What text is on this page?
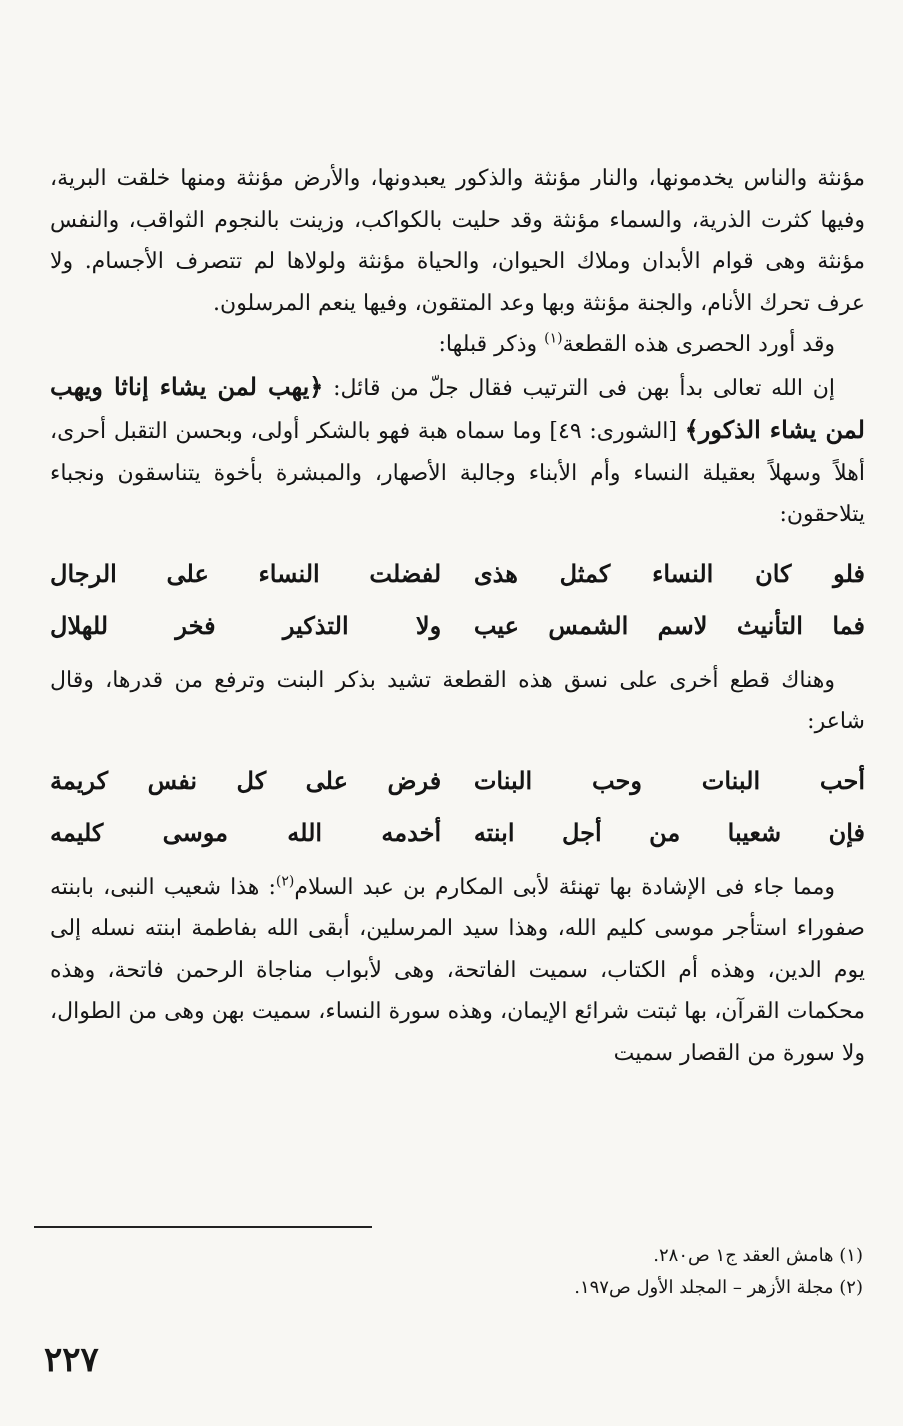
مؤنثة والناس يخدمونها، والنار مؤنثة والذكور يعبدونها، والأرض مؤنثة ومنها خلقت البرية، وفيها كثرت الذرية، والسماء مؤنثة وقد حليت بالكواكب، وزينت بالنجوم الثواقب، والنفس مؤنثة وهى قوام الأبدان وملاك الحيوان، والحياة مؤنثة ولولاها لم تتصرف الأجسام. ولا عرف تحرك الأنام، والجنة مؤنثة وبها وعد المتقون، وفيها ينعم المرسلون.

وقد أورد الحصرى هذه القطعة$^{(١)}$ وذكر قبلها:

إن الله تعالى بدأ بهن فى الترتيب فقال جلّ من قائل: ﴿يهب لمن يشاء إناثا ويهب لمن يشاء الذكور﴾ [الشورى: ٤٩] وما سماه هبة فهو بالشكر أولى، وبحسن التقبل أحرى، أهلاً وسهلاً بعقيلة النساء وأم الأبناء وجالبة الأصهار، والمبشرة بأخوة يتناسقون ونجباء يتلاحقون:

فلو كان النساء كمثل هذى
لفضلت النساء على الرجال
فما التأنيث لاسم الشمس عيب
ولا التذكير فخر للهلال

وهناك قطع أخرى على نسق هذه القطعة تشيد بذكر البنت وترفع من قدرها، وقال شاعر:

أحب البنات وحب البنات
فرض على كل نفس كريمة
فإن شعيبا من أجل ابنته
أخدمه الله موسى كليمه

ومما جاء فى الإشادة بها تهنئة لأبى المكارم بن عبد السلام$^{(٢)}$: هذا شعيب النبى، بابنته صفوراء استأجر موسى كليم الله، وهذا سيد المرسلين، أبقى الله بفاطمة ابنته نسله إلى يوم الدين، وهذه أم الكتاب، سميت الفاتحة، وهى لأبواب مناجاة الرحمن فاتحة، وهذه محكمات القرآن، بها ثبتت شرائع الإيمان، وهذه سورة النساء، سميت بهن وهى من الطوال، ولا سورة من القصار سميت

(١) هامش العقد ج١ ص٢٨٠.
(٢) مجلة الأزهر – المجلد الأول ص١٩٧.
٢٢٧
